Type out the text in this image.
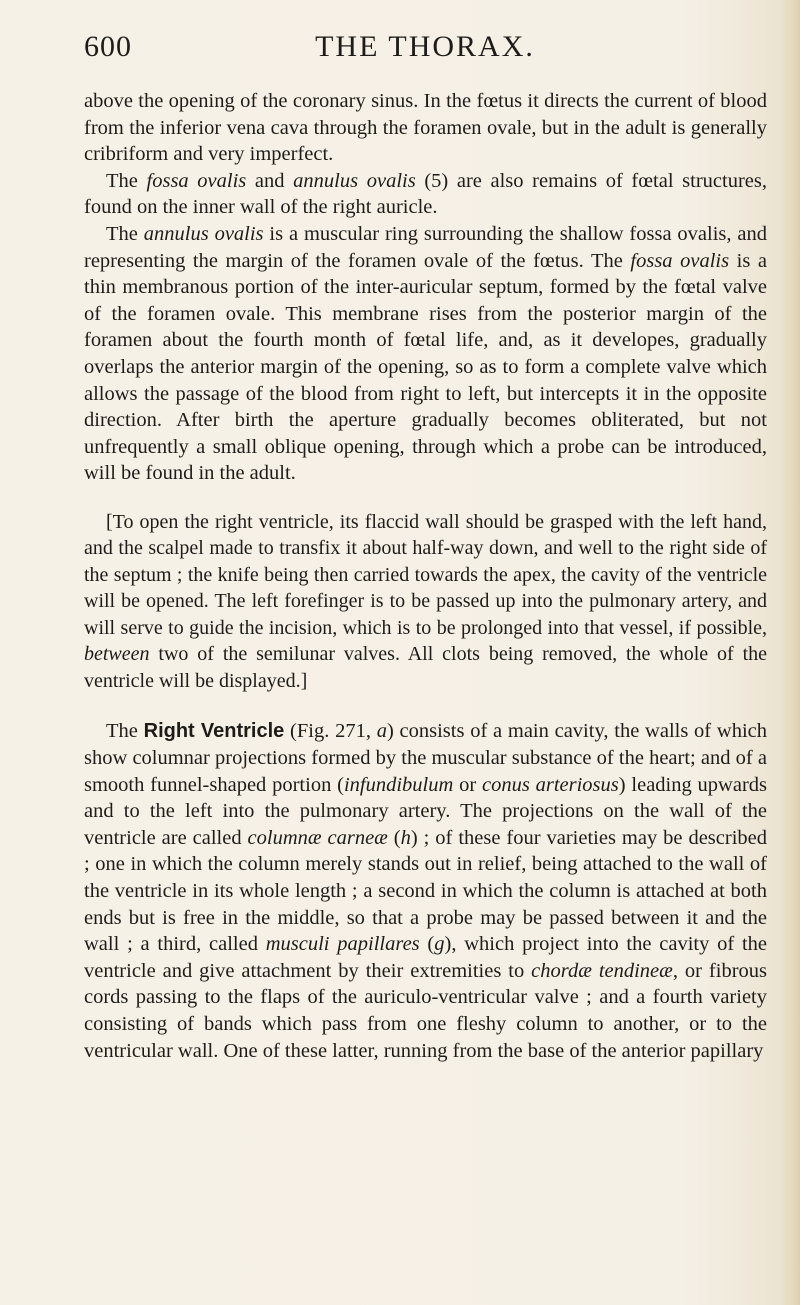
600	THE THORAX.

above the opening of the coronary sinus. In the fœtus it directs the current of blood from the inferior vena cava through the foramen ovale, but in the adult is generally cribriform and very imperfect.

The fossa ovalis and annulus ovalis (5) are also remains of fœtal structures, found on the inner wall of the right auricle.

The annulus ovalis is a muscular ring surrounding the shallow fossa ovalis, and representing the margin of the foramen ovale of the fœtus. The fossa ovalis is a thin membranous portion of the inter-auricular septum, formed by the fœtal valve of the foramen ovale. This membrane rises from the posterior margin of the foramen about the fourth month of fœtal life, and, as it developes, gradually overlaps the anterior margin of the opening, so as to form a complete valve which allows the passage of the blood from right to left, but intercepts it in the opposite direction. After birth the aperture gradually becomes obliterated, but not unfrequently a small oblique opening, through which a probe can be introduced, will be found in the adult.

[To open the right ventricle, its flaccid wall should be grasped with the left hand, and the scalpel made to transfix it about half-way down, and well to the right side of the septum ; the knife being then carried towards the apex, the cavity of the ventricle will be opened. The left forefinger is to be passed up into the pulmonary artery, and will serve to guide the incision, which is to be prolonged into that vessel, if possible, between two of the semilunar valves. All clots being removed, the whole of the ventricle will be displayed.]

The Right Ventricle (Fig. 271, a) consists of a main cavity, the walls of which show columnar projections formed by the muscular substance of the heart; and of a smooth funnel-shaped portion (infundibulum or conus arteriosus) leading upwards and to the left into the pulmonary artery. The projections on the wall of the ventricle are called columnæ carneæ (h) ; of these four varieties may be described ; one in which the column merely stands out in relief, being attached to the wall of the ventricle in its whole length ; a second in which the column is attached at both ends but is free in the middle, so that a probe may be passed between it and the wall ; a third, called musculi papillares (g), which project into the cavity of the ventricle and give attachment by their extremities to chordæ tendineæ, or fibrous cords passing to the flaps of the auriculo-ventricular valve ; and a fourth variety consisting of bands which pass from one fleshy column to another, or to the ventricular wall. One of these latter, running from the base of the anterior papillary
